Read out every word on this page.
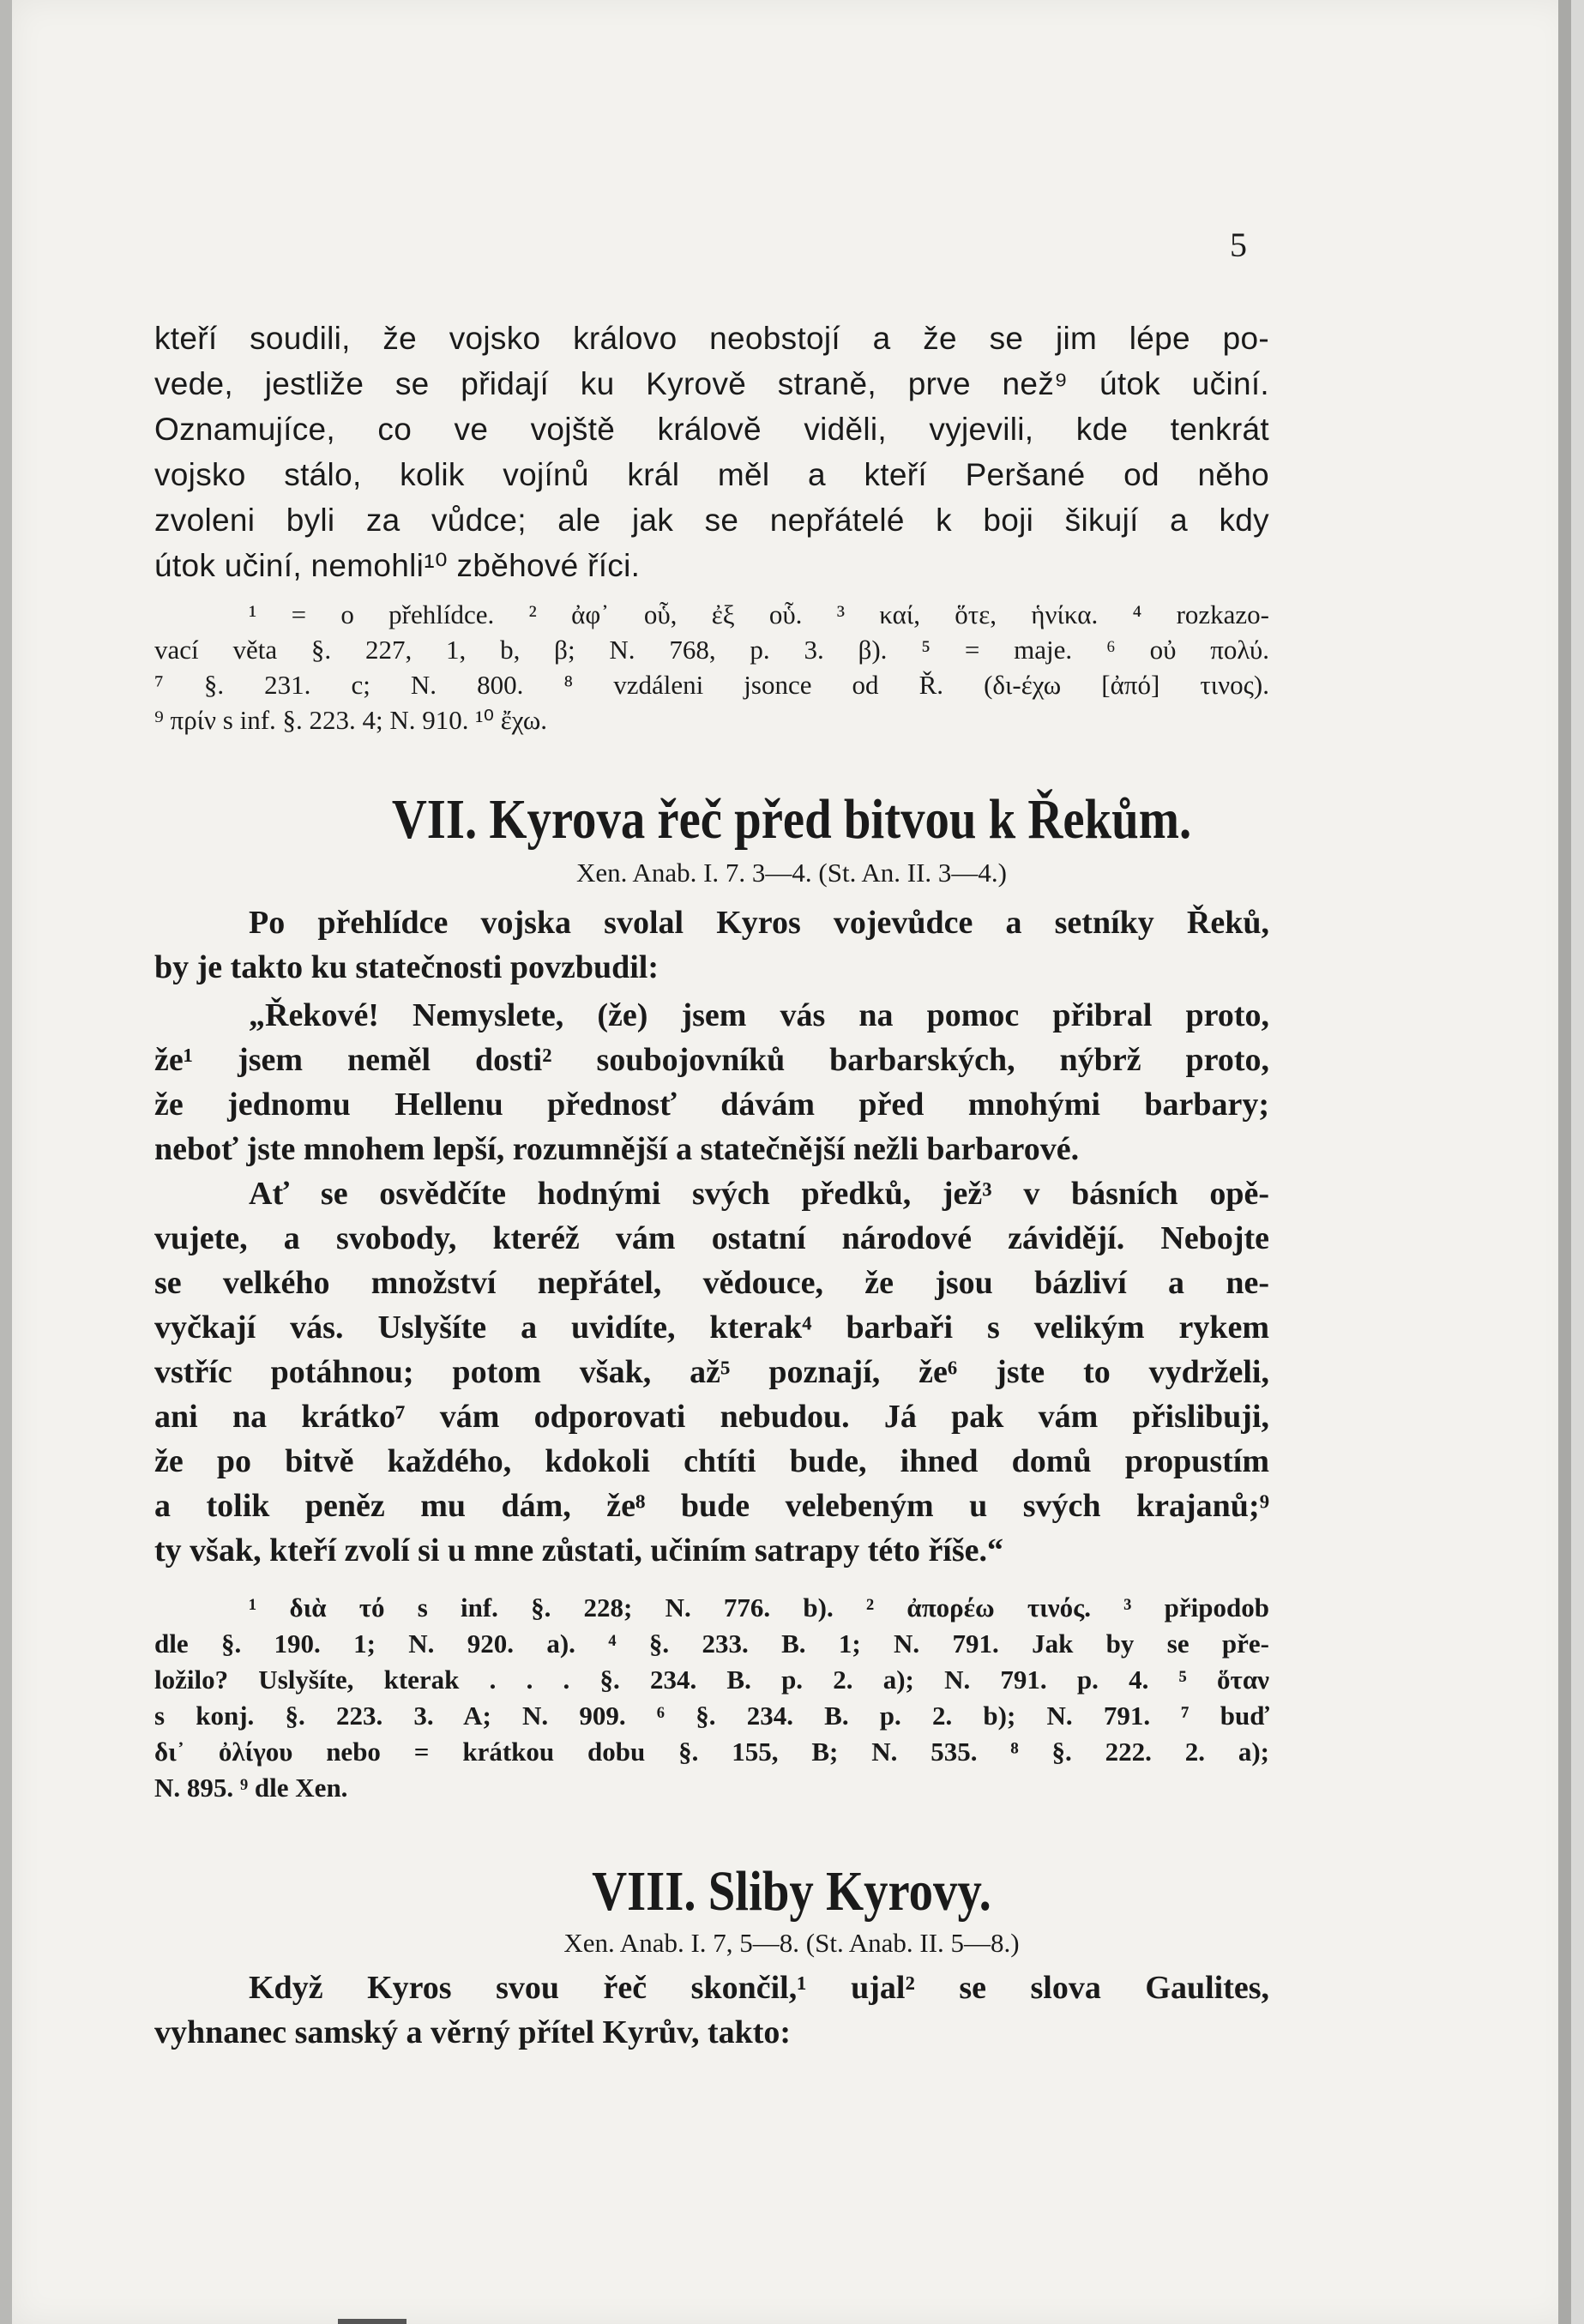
5
kteří soudili, že vojsko královo neobstojí a že se jim lépe po-
vede, jestliže se přidají ku Kyrově straně, prve než⁹ útok učiní.
Oznamujíce, co ve vojště královĕ viděli, vyjevili, kde tenkrát
vojsko stálo, kolik vojínů král měl a kteří Peršané od něho
zvoleni byli za vůdce; ale jak se nepřátelé k boji šikují a kdy
útok učiní, nemohli¹⁰ zběhové říci.
¹ = o přehlídce. ² ἀφ᾽ οὗ, ἐξ οὗ. ³ καί, ὅτε, ἡνίκα. ⁴ rozkazo-
vací věta §. 227, 1, b, β; N. 768, p. 3. β). ⁵ = maje. ⁶ οὐ πολύ.
⁷ §. 231. c; N. 800. ⁸ vzdáleni jsonce od Ř. (δι-έχω [ἀπό] τινος).
⁹ πρίν s inf. §. 223. 4; N. 910. ¹⁰ ἔχω.
VII. Kyrova řeč před bitvou k Řekům.
Xen. Anab. I. 7. 3—4. (St. An. II. 3—4.)
Po přehlídce vojska svolal Kyros vojevůdce a setníky Řeků,
by je takto ku statečnosti povzbudil:
„Řekové! Nemyslete, (že) jsem vás na pomoc přibral proto,
že¹ jsem neměl dosti² soubojovníků barbarských, nýbrž proto,
že jednomu Hellenu přednosť dávám před mnohými barbary;
neboť jste mnohem lepší, rozumnější a statečnější nežli barbarové.
Ať se osvědčíte hodnými svých předků, jež³ v básních opě-
vujete, a svobody, kteréž vám ostatní národové závidějí. Nebojte
se velkého množství nepřátel, vědouce, že jsou bázliví a ne-
vyčkají vás. Uslyšíte a uvidíte, kterak⁴ barbaři s velikým rykem
vstříc potáhnou; potom však, až⁵ poznají, že⁶ jste to vydrželi,
ani na krátko⁷ vám odporovati nebudou. Já pak vám přislibuji,
že po bitvě každého, kdokoli chtíti bude, ihned domů propustím
a tolik peněz mu dám, že⁸ bude velebeným u svých krajanů;⁹
ty však, kteří zvolí si u mne zůstati, učiním satrapy této říše.“
¹ διὰ τό s inf. §. 228; N. 776. b). ² ἀπορέω τινός. ³ připodob
dle §. 190. 1; N. 920. a). ⁴ §. 233. B. 1; N. 791. Jak by se pře-
ložilo? Uslyšíte, kterak . . . §. 234. B. p. 2. a); N. 791. p. 4. ⁵ ὅταν
s konj. §. 223. 3. A; N. 909. ⁶ §. 234. B. p. 2. b); N. 791. ⁷ buď
δι᾽ ὀλίγου nebo = krátkou dobu §. 155, B; N. 535. ⁸ §. 222. 2. a);
N. 895. ⁹ dle Xen.
VIII. Sliby Kyrovy.
Xen. Anab. I. 7, 5—8. (St. Anab. II. 5—8.)
Když Kyros svou řeč skončil,¹ ujal² se slova Gaulites,
vyhnanec samský a věrný přítel Kyrův, takto:
